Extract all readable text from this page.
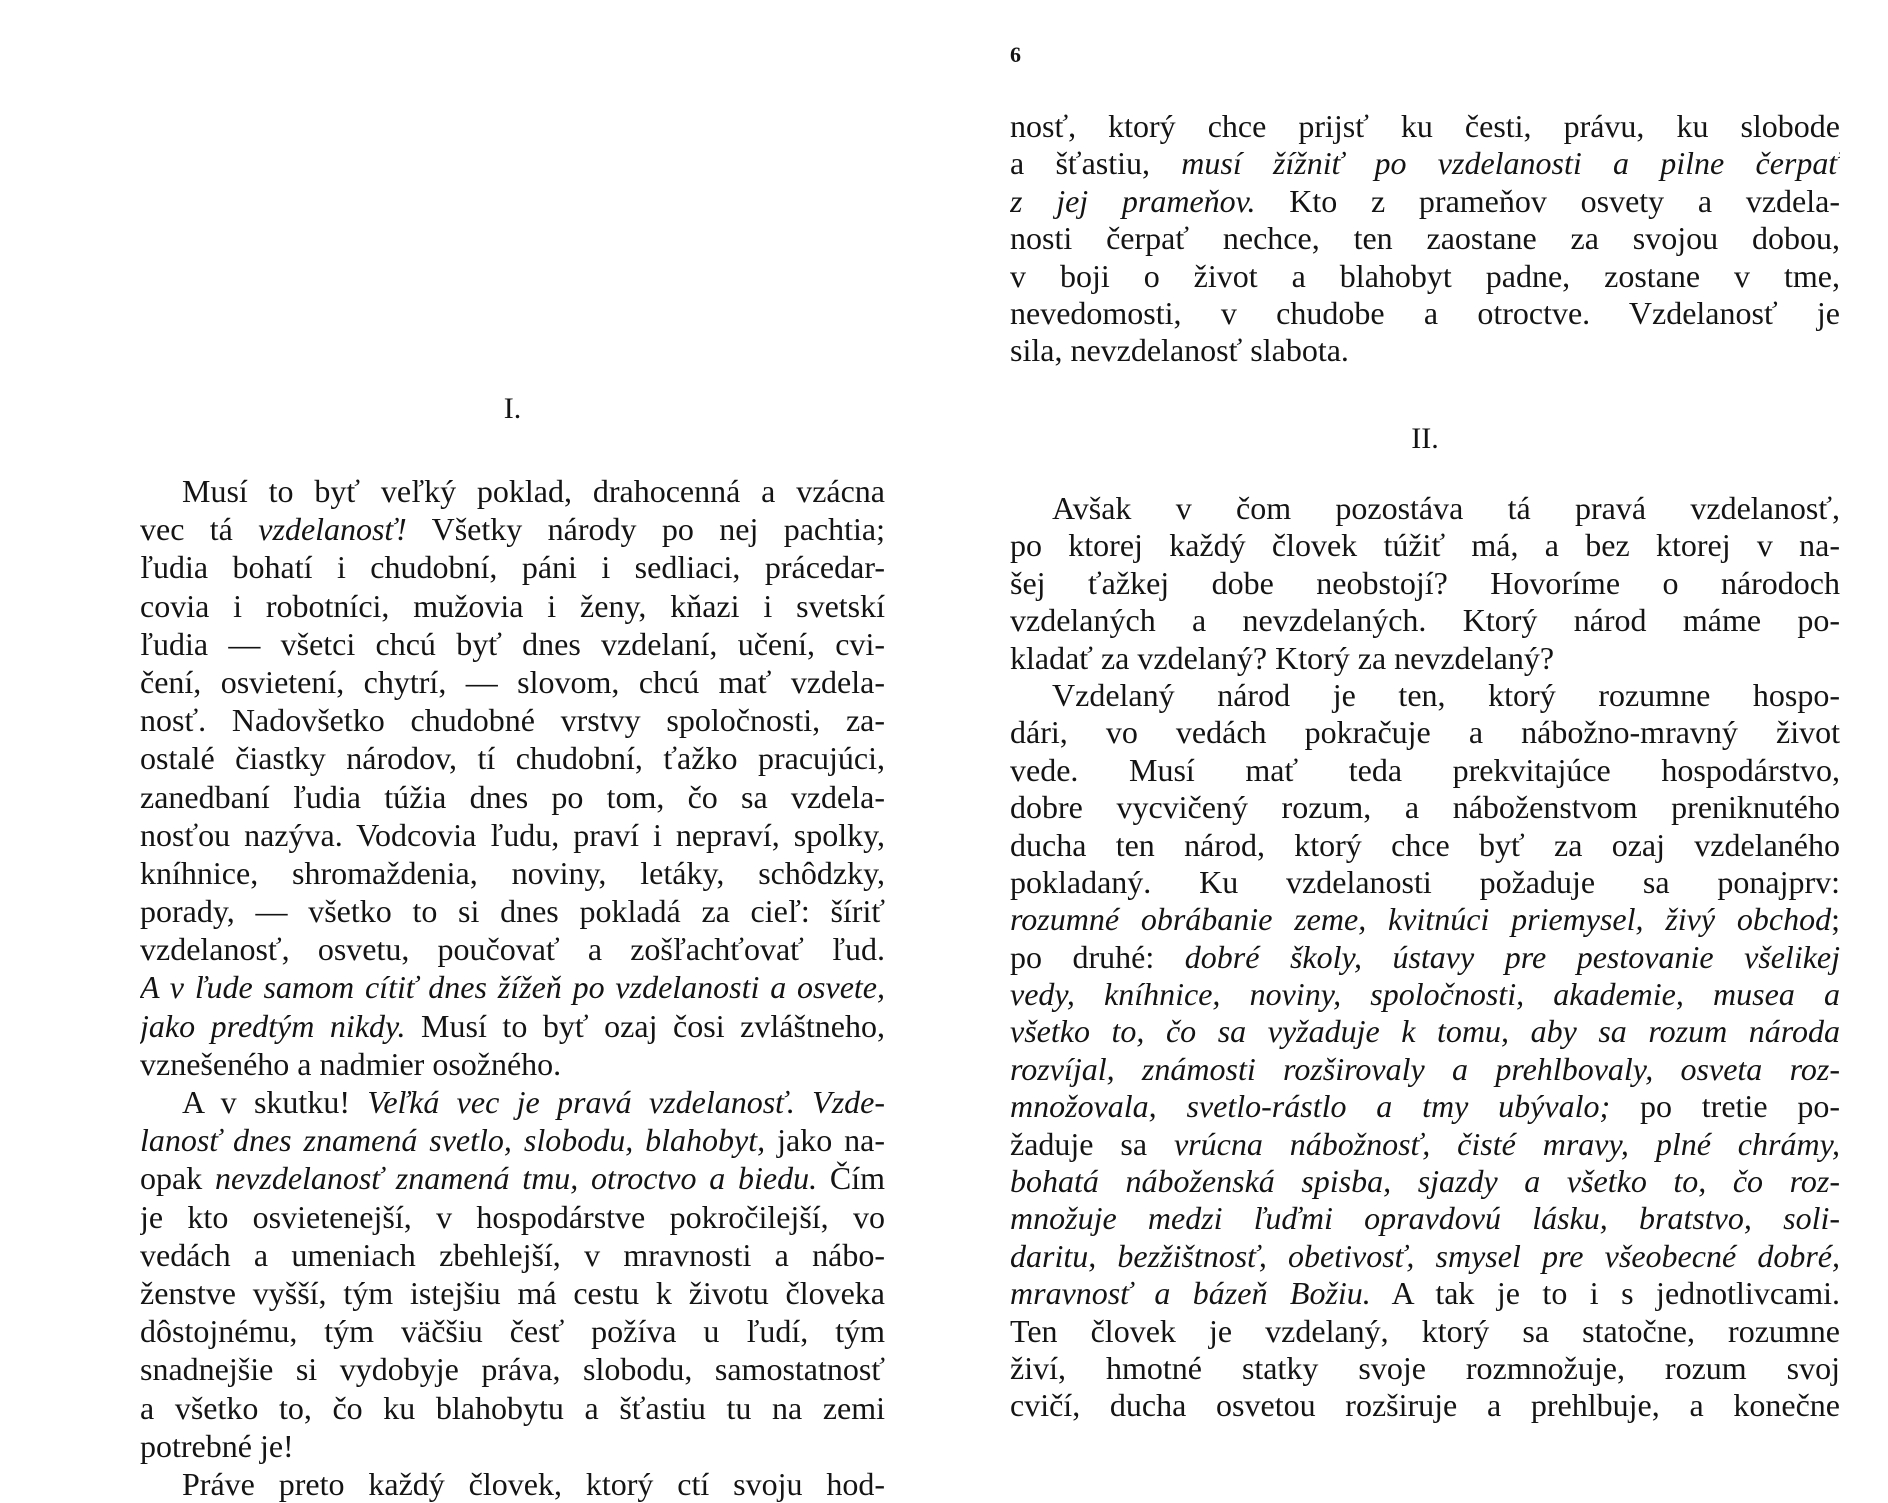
I.
Musí to byť veľký poklad, drahocenná a vzácna
vec tá vzdelanosť! Všetky národy po nej pachtia;
ľudia bohatí i chudobní, páni i sedliaci, prácedar-
covia i robotníci, mužovia i ženy, kňazi i svetskí
ľudia — všetci chcú byť dnes vzdelaní, učení, cvi-
čení, osvietení, chytrí, — slovom, chcú mať vzdela-
nosť. Nadovšetko chudobné vrstvy spoločnosti, za-
ostalé čiastky národov, tí chudobní, ťažko pracujúci,
zanedbaní ľudia túžia dnes po tom, čo sa vzdela-
nosťou nazýva. Vodcovia ľudu, praví i nepraví, spolky,
kníhnice, shromaždenia, noviny, letáky, schôdzky,
porady, — všetko to si dnes pokladá za cieľ: šíriť
vzdelanosť, osvetu, poučovať a zošľachťovať ľud.
A v ľude samom cítiť dnes žížeň po vzdelanosti a osvete,
jako predtým nikdy. Musí to byť ozaj čosi zvláštneho,
vznešeného a nadmier osožného.
A v skutku! Veľká vec je pravá vzdelanosť. Vzde-
lanosť dnes znamená svetlo, slobodu, blahobyt, jako na-
opak nevzdelanosť znamená tmu, otroctvo a biedu. Čím
je kto osvietenejší, v hospodárstve pokročilejší, vo
vedách a umeniach zbehlejší, v mravnosti a nábo-
ženstve vyšší, tým istejšiu má cestu k životu človeka
dôstojnému, tým väčšiu česť požíva u ľudí, tým
snadnejšie si vydobyje práva, slobodu, samostatnosť
a všetko to, čo ku blahobytu a šťastiu tu na zemi
potrebné je!
Práve preto každý človek, ktorý ctí svoju hod-

6

nosť, ktorý chce prijsť ku česti, právu, ku slobode
a šťastiu, musí žížniť po vzdelanosti a pilne čerpať
z jej prameňov. Kto z prameňov osvety a vzdela-
nosti čerpať nechce, ten zaostane za svojou dobou,
v boji o život a blahobyt padne, zostane v tme,
nevedomosti, v chudobe a otroctve. Vzdelanosť je
sila, nevzdelanosť slabota.
II.
Avšak v čom pozostáva tá pravá vzdelanosť,
po ktorej každý človek túžiť má, a bez ktorej v na-
šej ťažkej dobe neobstojí? Hovoríme o národoch
vzdelaných a nevzdelaných. Ktorý národ máme po-
kladať za vzdelaný? Ktorý za nevzdelaný?
Vzdelaný národ je ten, ktorý rozumne hospo-
dári, vo vedách pokračuje a nábožno-mravný život
vede. Musí mať teda prekvitajúce hospodárstvo,
dobre vycvičený rozum, a náboženstvom preniknutého
ducha ten národ, ktorý chce byť za ozaj vzdelaného
pokladaný. Ku vzdelanosti požaduje sa ponajprv:
rozumné obrábanie zeme, kvitnúci priemysel, živý obchod;
po druhé: dobré školy, ústavy pre pestovanie všelikej
vedy, kníhnice, noviny, spoločnosti, akademie, musea a
všetko to, čo sa vyžaduje k tomu, aby sa rozum národa
rozvíjal, známosti rozširovaly a prehlbovaly, osveta roz-
množovala, svetlo-rástlo a tmy ubývalo; po tretie po-
žaduje sa vrúcna nábožnosť, čisté mravy, plné chrámy,
bohatá náboženská spisba, sjazdy a všetko to, čo roz-
množuje medzi ľuďmi opravdovú lásku, bratstvo, soli-
daritu, bezžištnosť, obetivosť, smysel pre všeobecné dobré,
mravnosť a bázeň Božiu. A tak je to i s jednotlivcami.
Ten človek je vzdelaný, ktorý sa statočne, rozumne
živí, hmotné statky svoje rozmnožuje, rozum svoj
cvičí, ducha osvetou rozširuje a prehlbuje, a konečne
